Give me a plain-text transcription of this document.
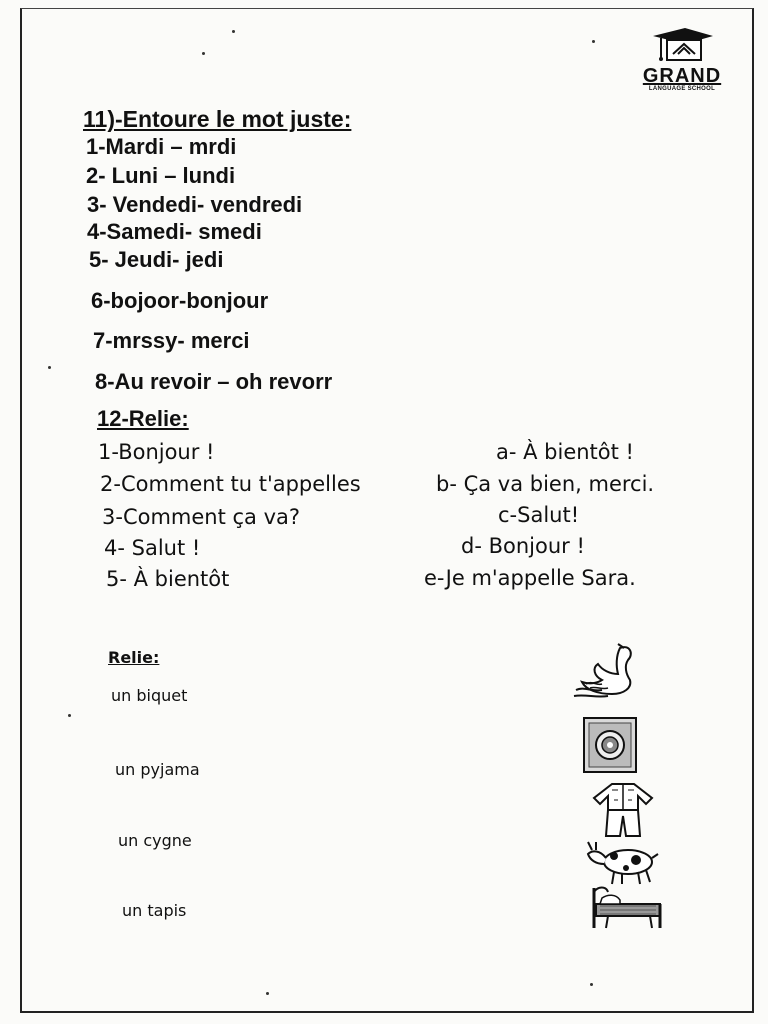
GRAND
LANGUAGE SCHOOL
11)-Entoure le mot juste:
1-Mardi – mrdi
2- Luni – lundi
3- Vendedi- vendredi
4-Samedi- smedi
5- Jeudi- jedi
6-bojoor-bonjour
7-mrssy- merci
8-Au revoir – oh revorr
12-Relie:
1-Bonjour !
2-Comment tu t'appelles
3-Comment ça va?
4- Salut !
5- À bientôt
a- À bientôt !
b- Ça va bien, merci.
c-Salut!
d- Bonjour !
e-Je m'appelle Sara.
Relie:
un biquet
un pyjama
un cygne
un tapis
